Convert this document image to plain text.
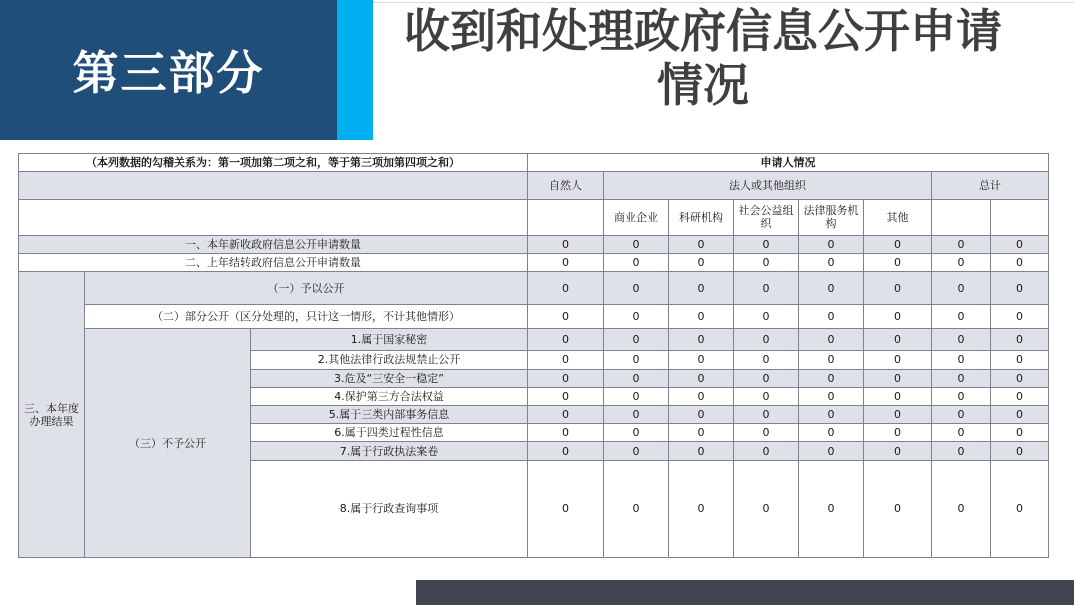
第三部分
收到和处理政府信息公开申请
情况
（本列数据的勾稽关系为：第一项加第二项之和，等于第三项加第四项之和）			申请人情况							
			自然人	法人或其他组织					总计	
				商业企业	科研机构	社会公益组织	法律服务机构	其他		
一、本年新收政府信息公开申请数量			0	0	0	0	0	0	0	0
二、上年结转政府信息公开申请数量			0	0	0	0	0	0	0	0
三、本年度办理结果	（一）予以公开		0	0	0	0	0	0	0	0
	（二）部分公开（区分处理的，只计这一情形，不计其他情形）		0	0	0	0	0	0	0	0
	（三）不予公开	1.属于国家秘密	0	0	0	0	0	0	0	0
		2.其他法律行政法规禁止公开	0	0	0	0	0	0	0	0
		3.危及“三安全一稳定”	0	0	0	0	0	0	0	0
		4.保护第三方合法权益	0	0	0	0	0	0	0	0
		5.属于三类内部事务信息	0	0	0	0	0	0	0	0
		6.属于四类过程性信息	0	0	0	0	0	0	0	0
		7.属于行政执法案卷	0	0	0	0	0	0	0	0
		8.属于行政查询事项	0	0	0	0	0	0	0	0
